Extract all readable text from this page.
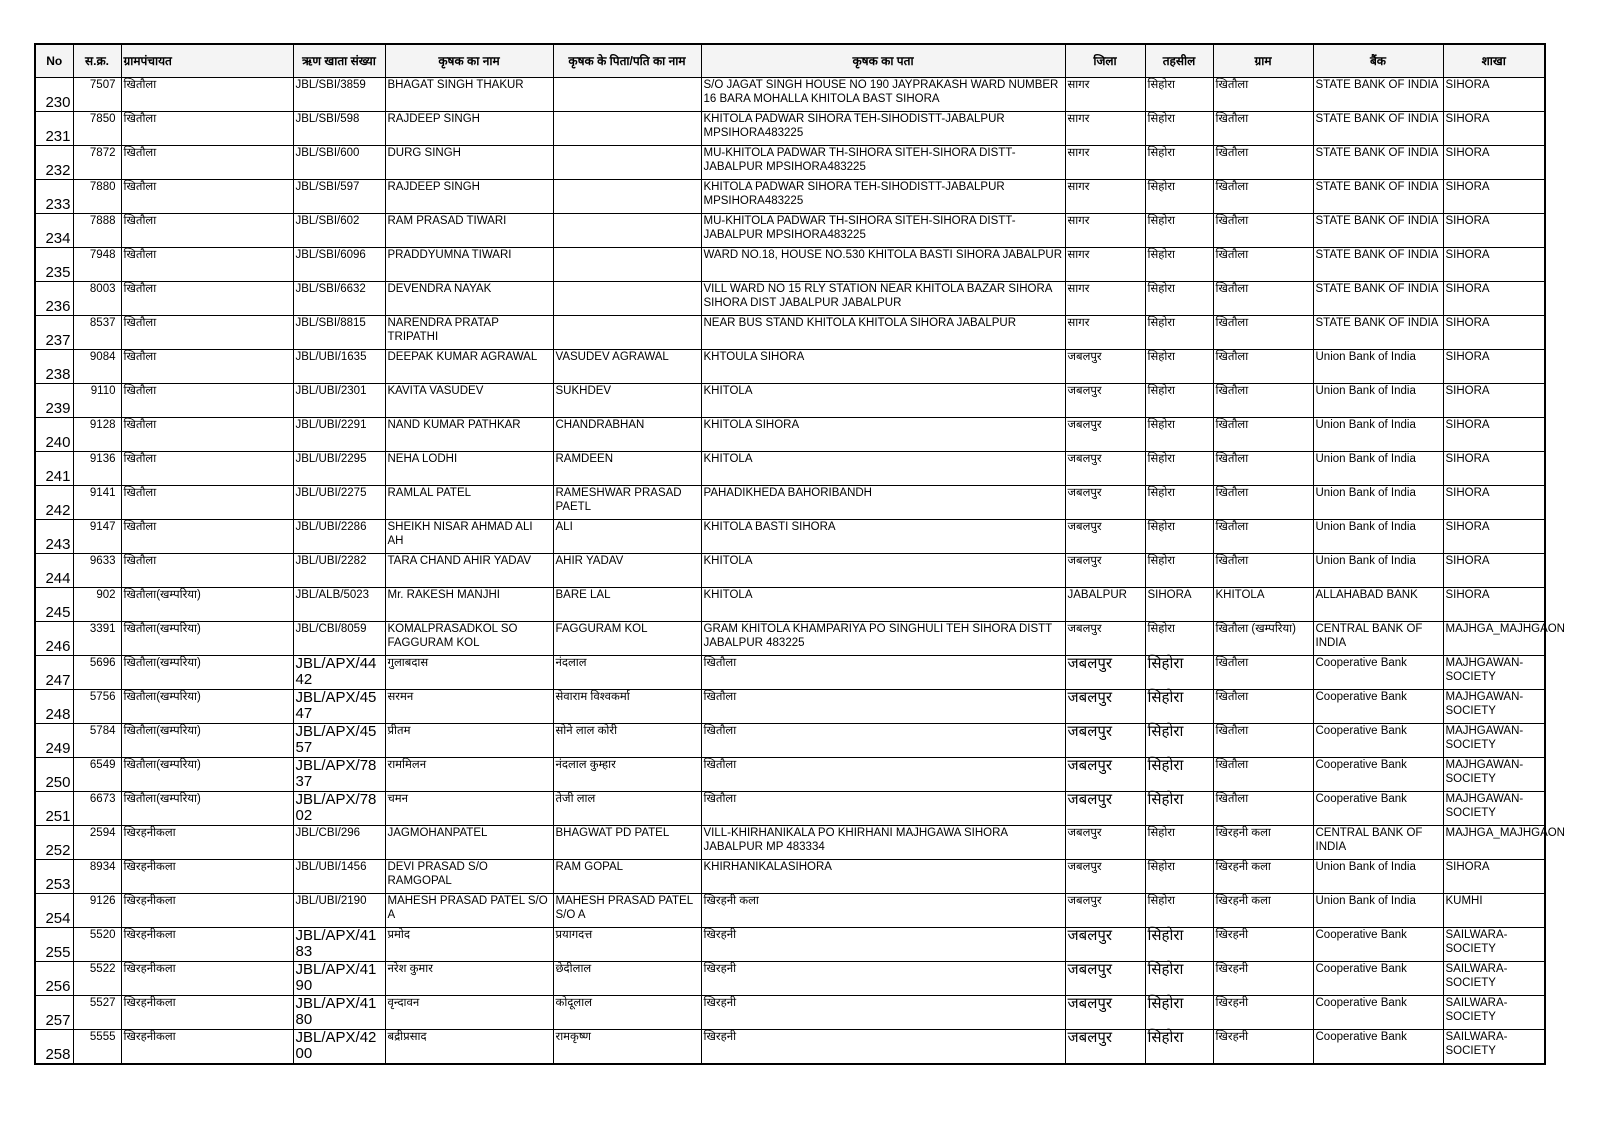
No	स.क्र.	ग्रामपंचायत	ऋण खाता संख्या	कृषक का नाम	कृषक के पिता/पति का नाम	कृषक का पता	जिला	तहसील	ग्राम	बैंक	शाखा
230	7507	खितौला	JBL/SBI/3859	BHAGAT SINGH THAKUR		S/O JAGAT SINGH HOUSE NO 190 JAYPRAKASH WARD NUMBER 16 BARA MOHALLA KHITOLA BAST SIHORA	सागर	सिहोरा	खितौला	STATE BANK OF INDIA	SIHORA
231	7850	खितौला	JBL/SBI/598	RAJDEEP SINGH		KHITOLA PADWAR SIHORA TEH-SIHODISTT-JABALPUR MPSIHORA483225	सागर	सिहोरा	खितौला	STATE BANK OF INDIA	SIHORA
232	7872	खितौला	JBL/SBI/600	DURG SINGH		MU-KHITOLA PADWAR TH-SIHORA SITEH-SIHORA DISTT-JABALPUR MPSIHORA483225	सागर	सिहोरा	खितौला	STATE BANK OF INDIA	SIHORA
233	7880	खितौला	JBL/SBI/597	RAJDEEP SINGH		KHITOLA PADWAR SIHORA TEH-SIHODISTT-JABALPUR MPSIHORA483225	सागर	सिहोरा	खितौला	STATE BANK OF INDIA	SIHORA
234	7888	खितौला	JBL/SBI/602	RAM PRASAD TIWARI		MU-KHITOLA PADWAR TH-SIHORA SITEH-SIHORA DISTT-JABALPUR MPSIHORA483225	सागर	सिहोरा	खितौला	STATE BANK OF INDIA	SIHORA
235	7948	खितौला	JBL/SBI/6096	PRADDYUMNA TIWARI		WARD NO.18, HOUSE NO.530 KHITOLA BASTI SIHORA JABALPUR	सागर	सिहोरा	खितौला	STATE BANK OF INDIA	SIHORA
236	8003	खितौला	JBL/SBI/6632	DEVENDRA NAYAK		VILL WARD NO 15 RLY STATION NEAR KHITOLA BAZAR SIHORA SIHORA DIST JABALPUR JABALPUR	सागर	सिहोरा	खितौला	STATE BANK OF INDIA	SIHORA
237	8537	खितौला	JBL/SBI/8815	NARENDRA PRATAP TRIPATHI		NEAR BUS STAND KHITOLA KHITOLA SIHORA JABALPUR	सागर	सिहोरा	खितौला	STATE BANK OF INDIA	SIHORA
238	9084	खितौला	JBL/UBI/1635	DEEPAK KUMAR AGRAWAL	VASUDEV AGRAWAL	KHTOULA SIHORA	जबलपुर	सिहोरा	खितौला	Union Bank of India	SIHORA
239	9110	खितौला	JBL/UBI/2301	KAVITA VASUDEV	SUKHDEV	KHITOLA	जबलपुर	सिहोरा	खितौला	Union Bank of India	SIHORA
240	9128	खितौला	JBL/UBI/2291	NAND KUMAR PATHKAR	CHANDRABHAN	KHITOLA SIHORA	जबलपुर	सिहोरा	खितौला	Union Bank of India	SIHORA
241	9136	खितौला	JBL/UBI/2295	NEHA LODHI	RAMDEEN	KHITOLA	जबलपुर	सिहोरा	खितौला	Union Bank of India	SIHORA
242	9141	खितौला	JBL/UBI/2275	RAMLAL PATEL	RAMESHWAR PRASAD PAETL	PAHADIKHEDA BAHORIBANDH	जबलपुर	सिहोरा	खितौला	Union Bank of India	SIHORA
243	9147	खितौला	JBL/UBI/2286	SHEIKH NISAR AHMAD ALI AH	ALI	KHITOLA BASTI SIHORA	जबलपुर	सिहोरा	खितौला	Union Bank of India	SIHORA
244	9633	खितौला	JBL/UBI/2282	TARA CHAND AHIR YADAV	AHIR YADAV	KHITOLA	जबलपुर	सिहोरा	खितौला	Union Bank of India	SIHORA
245	902	खितौला(खम्परिया)	JBL/ALB/5023	Mr. RAKESH MANJHI	BARE LAL	KHITOLA	JABALPUR	SIHORA	KHITOLA	ALLAHABAD BANK	SIHORA
246	3391	खितौला(खम्परिया)	JBL/CBI/8059	KOMALPRASADKOL SO FAGGURAM KOL	FAGGURAM KOL	GRAM KHITOLA KHAMPARIYA PO SINGHULI TEH SIHORA DISTT JABALPUR 483225	जबलपुर	सिहोरा	खितौला (खम्परिया)	CENTRAL BANK OF INDIA	MAJHGA_MAJHGAON
247	5696	खितौला(खम्परिया)	JBL/APX/4442	गुलाबदास	नंदलाल	खितौला	जबलपुर	सिहोरा	खितौला	Cooperative Bank	MAJHGAWAN-SOCIETY
248	5756	खितौला(खम्परिया)	JBL/APX/4547	सरमन	सेवाराम विश्वकर्मा	खितौला	जबलपुर	सिहोरा	खितौला	Cooperative Bank	MAJHGAWAN-SOCIETY
249	5784	खितौला(खम्परिया)	JBL/APX/4557	प्रीतम	सोने लाल कोरी	खितौला	जबलपुर	सिहोरा	खितौला	Cooperative Bank	MAJHGAWAN-SOCIETY
250	6549	खितौला(खम्परिया)	JBL/APX/7837	राममिलन	नंदलाल कुम्हार	खितौला	जबलपुर	सिहोरा	खितौला	Cooperative Bank	MAJHGAWAN-SOCIETY
251	6673	खितौला(खम्परिया)	JBL/APX/7802	चमन	तेजी लाल	खितौला	जबलपुर	सिहोरा	खितौला	Cooperative Bank	MAJHGAWAN-SOCIETY
252	2594	खिरहनीकला	JBL/CBI/296	JAGMOHANPATEL	BHAGWAT PD PATEL	VILL-KHIRHANIKALA PO KHIRHANI MAJHGAWA SIHORA JABALPUR MP 483334	जबलपुर	सिहोरा	खिरहनी कला	CENTRAL BANK OF INDIA	MAJHGA_MAJHGAON
253	8934	खिरहनीकला	JBL/UBI/1456	DEVI PRASAD S/O RAMGOPAL	RAM GOPAL	KHIRHANIKALASIHORA	जबलपुर	सिहोरा	खिरहनी कला	Union Bank of India	SIHORA
254	9126	खिरहनीकला	JBL/UBI/2190	MAHESH PRASAD PATEL S/O A	MAHESH PRASAD PATEL S/O A	खिरहनी कला	जबलपुर	सिहोरा	खिरहनी कला	Union Bank of India	KUMHI
255	5520	खिरहनीकला	JBL/APX/4183	प्रमोद	प्रयागदत्त	खिरहनी	जबलपुर	सिहोरा	खिरहनी	Cooperative Bank	SAILWARA-SOCIETY
256	5522	खिरहनीकला	JBL/APX/4190	नरेश कुमार	छेदीलाल	खिरहनी	जबलपुर	सिहोरा	खिरहनी	Cooperative Bank	SAILWARA-SOCIETY
257	5527	खिरहनीकला	JBL/APX/4180	वृन्दावन	कोदूलाल	खिरहनी	जबलपुर	सिहोरा	खिरहनी	Cooperative Bank	SAILWARA-SOCIETY
258	5555	खिरहनीकला	JBL/APX/4200	बद्रीप्रसाद	रामकृष्ण	खिरहनी	जबलपुर	सिहोरा	खिरहनी	Cooperative Bank	SAILWARA-SOCIETY
